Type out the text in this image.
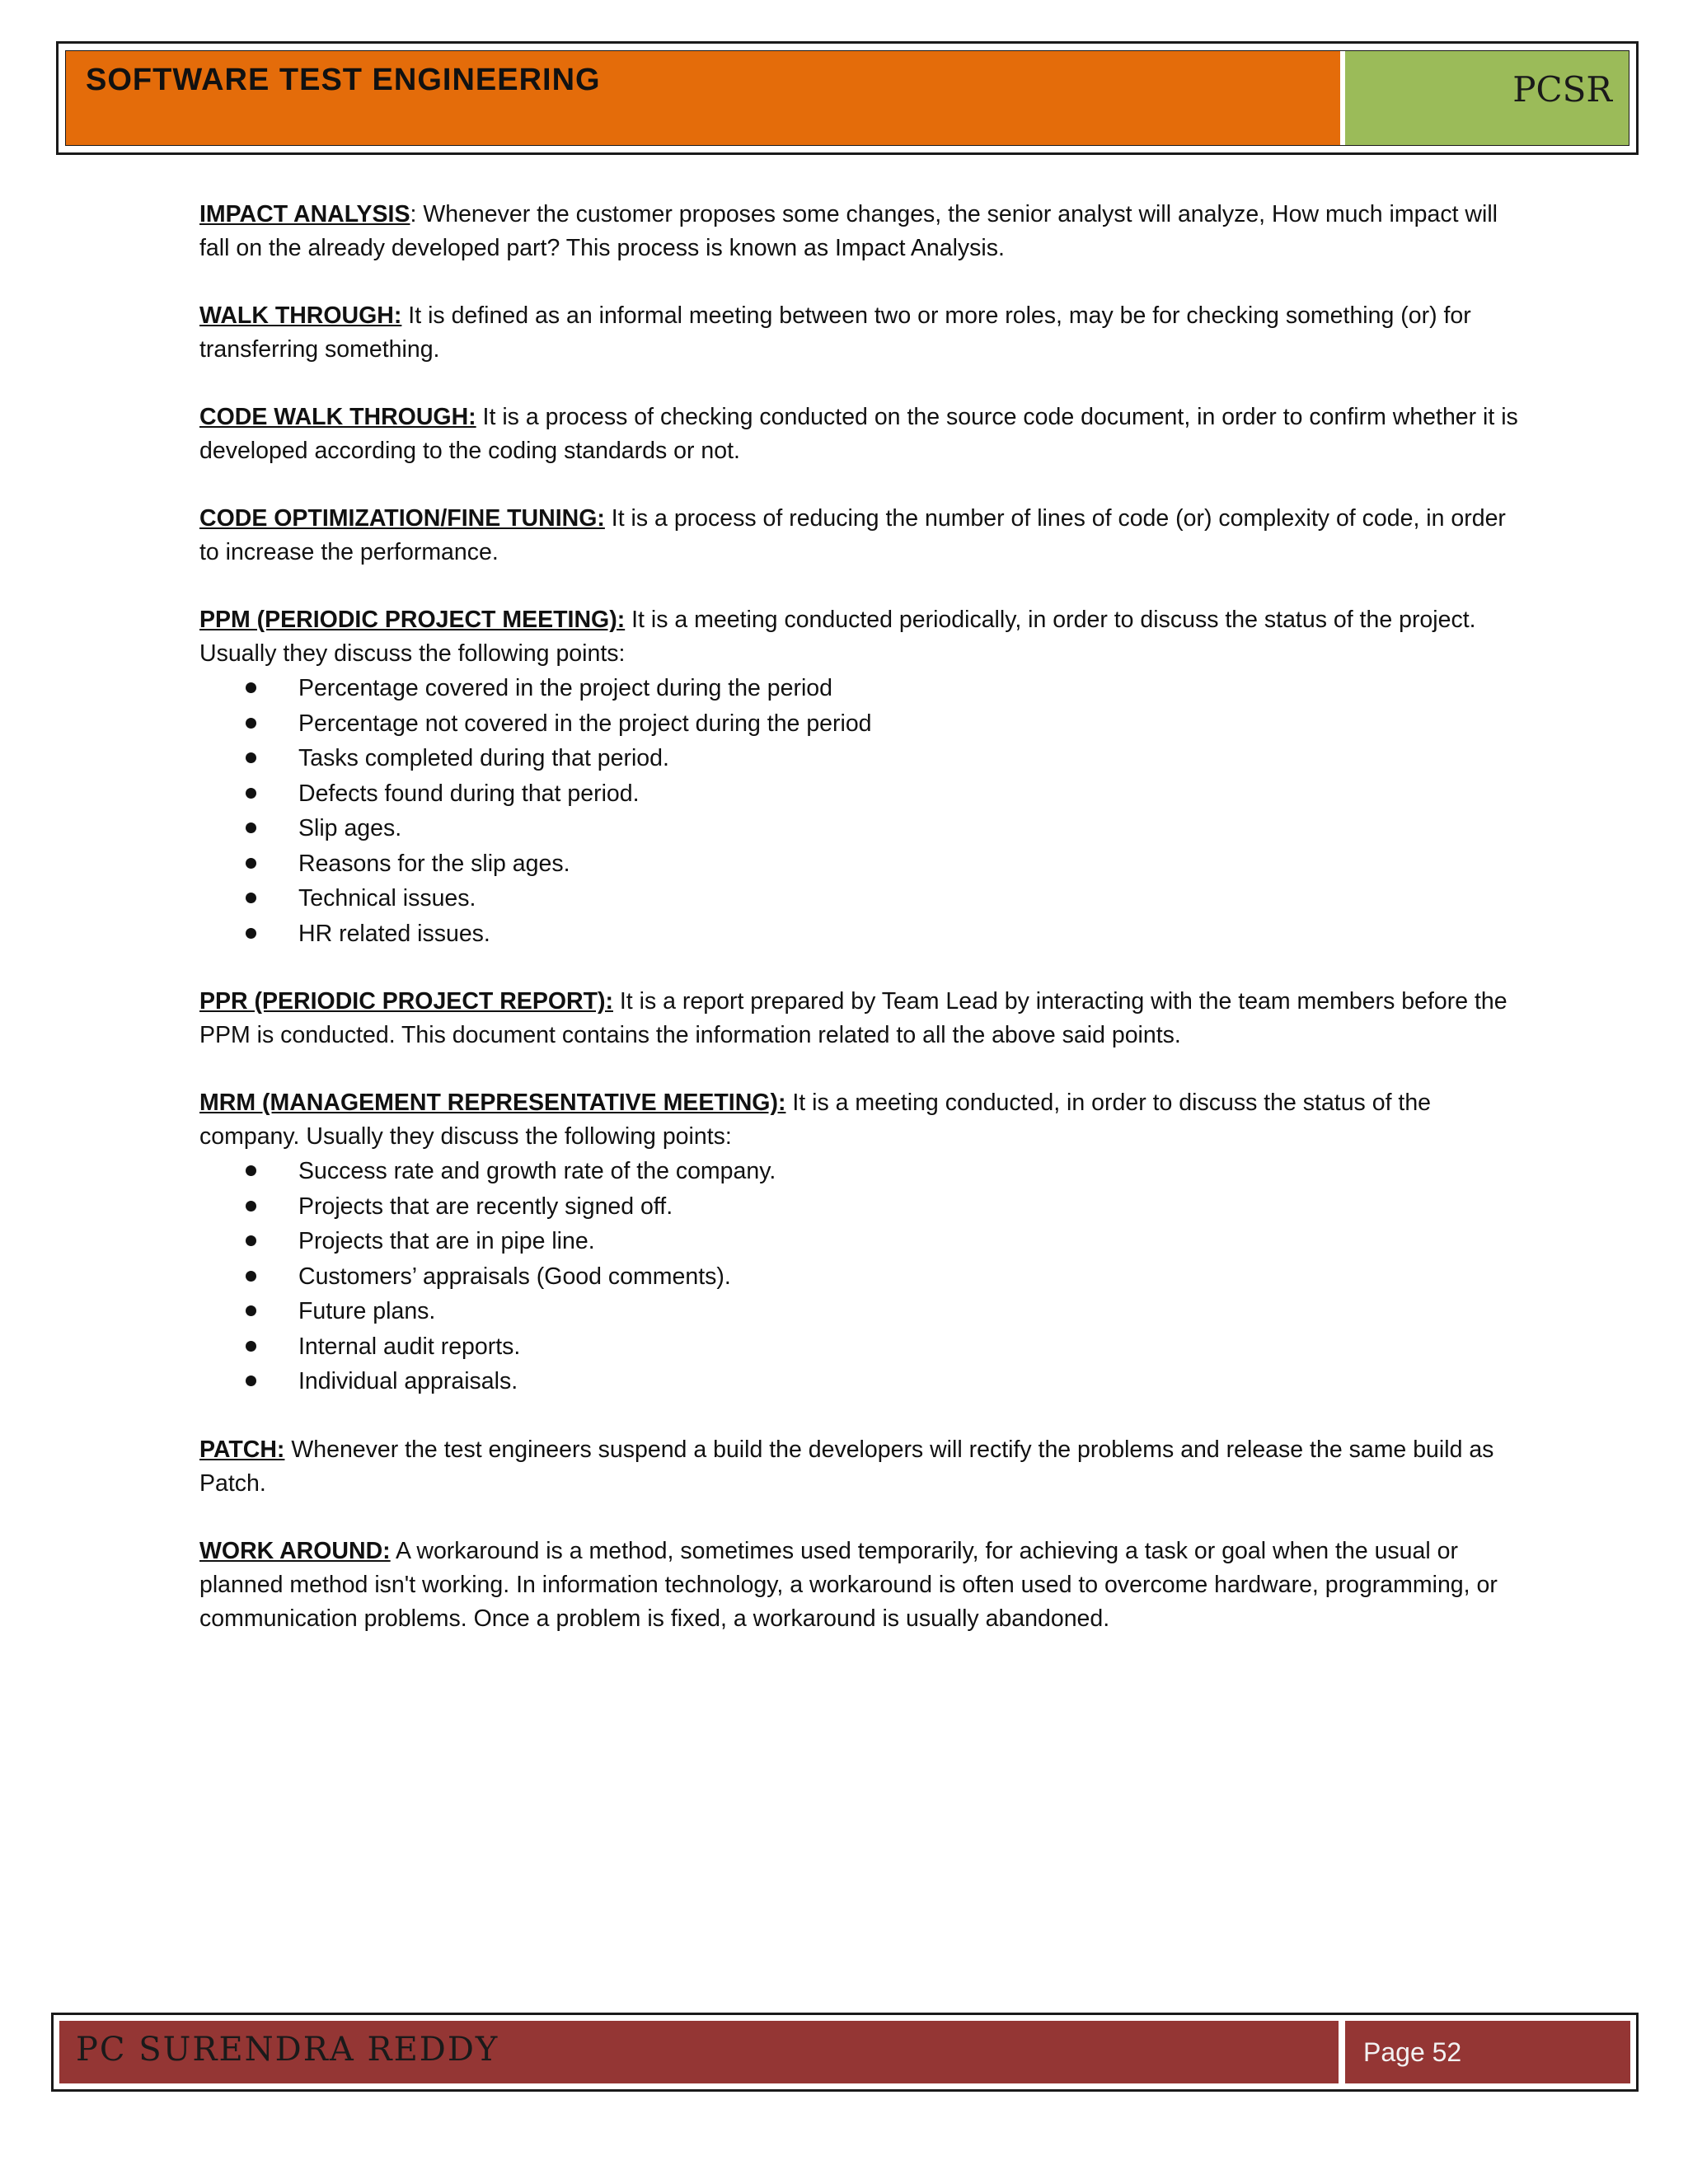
SOFTWARE TEST ENGINEERING	PCSR

IMPACT ANALYSIS: Whenever the customer proposes some changes, the senior analyst will analyze, How much impact will fall on the already developed part? This process is known as Impact Analysis.

WALK THROUGH: It is defined as an informal meeting between two or more roles, may be for checking something (or) for transferring something.

CODE WALK THROUGH: It is a process of checking conducted on the source code document, in order to confirm whether it is developed according to the coding standards or not.

CODE OPTIMIZATION/FINE TUNING: It is a process of reducing the number of lines of code (or) complexity of code, in order to increase the performance.

PPM (PERIODIC PROJECT MEETING): It is a meeting conducted periodically, in order to discuss the status of the project. Usually they discuss the following points:

Percentage covered in the project during the period
Percentage not covered in the project during the period
Tasks completed during that period.
Defects found during that period.
Slip ages.
Reasons for the slip ages.
Technical issues.
HR related issues.

PPR (PERIODIC PROJECT REPORT): It is a report prepared by Team Lead by interacting with the team members before the PPM is conducted. This document contains the information related to all the above said points.

MRM (MANAGEMENT REPRESENTATIVE MEETING): It is a meeting conducted, in order to discuss the status of the company. Usually they discuss the following points:

Success rate and growth rate of the company.
Projects that are recently signed off.
Projects that are in pipe line.
Customers’ appraisals (Good comments).
Future plans.
Internal audit reports.
Individual appraisals.

PATCH: Whenever the test engineers suspend a build the developers will rectify the problems and release the same build as Patch.

WORK AROUND: A workaround is a method, sometimes used temporarily, for achieving a task or goal when the usual or planned method isn't working. In information technology, a workaround is often used to overcome hardware, programming, or communication problems. Once a problem is fixed, a workaround is usually abandoned.

PC SURENDRA REDDY	Page 52
